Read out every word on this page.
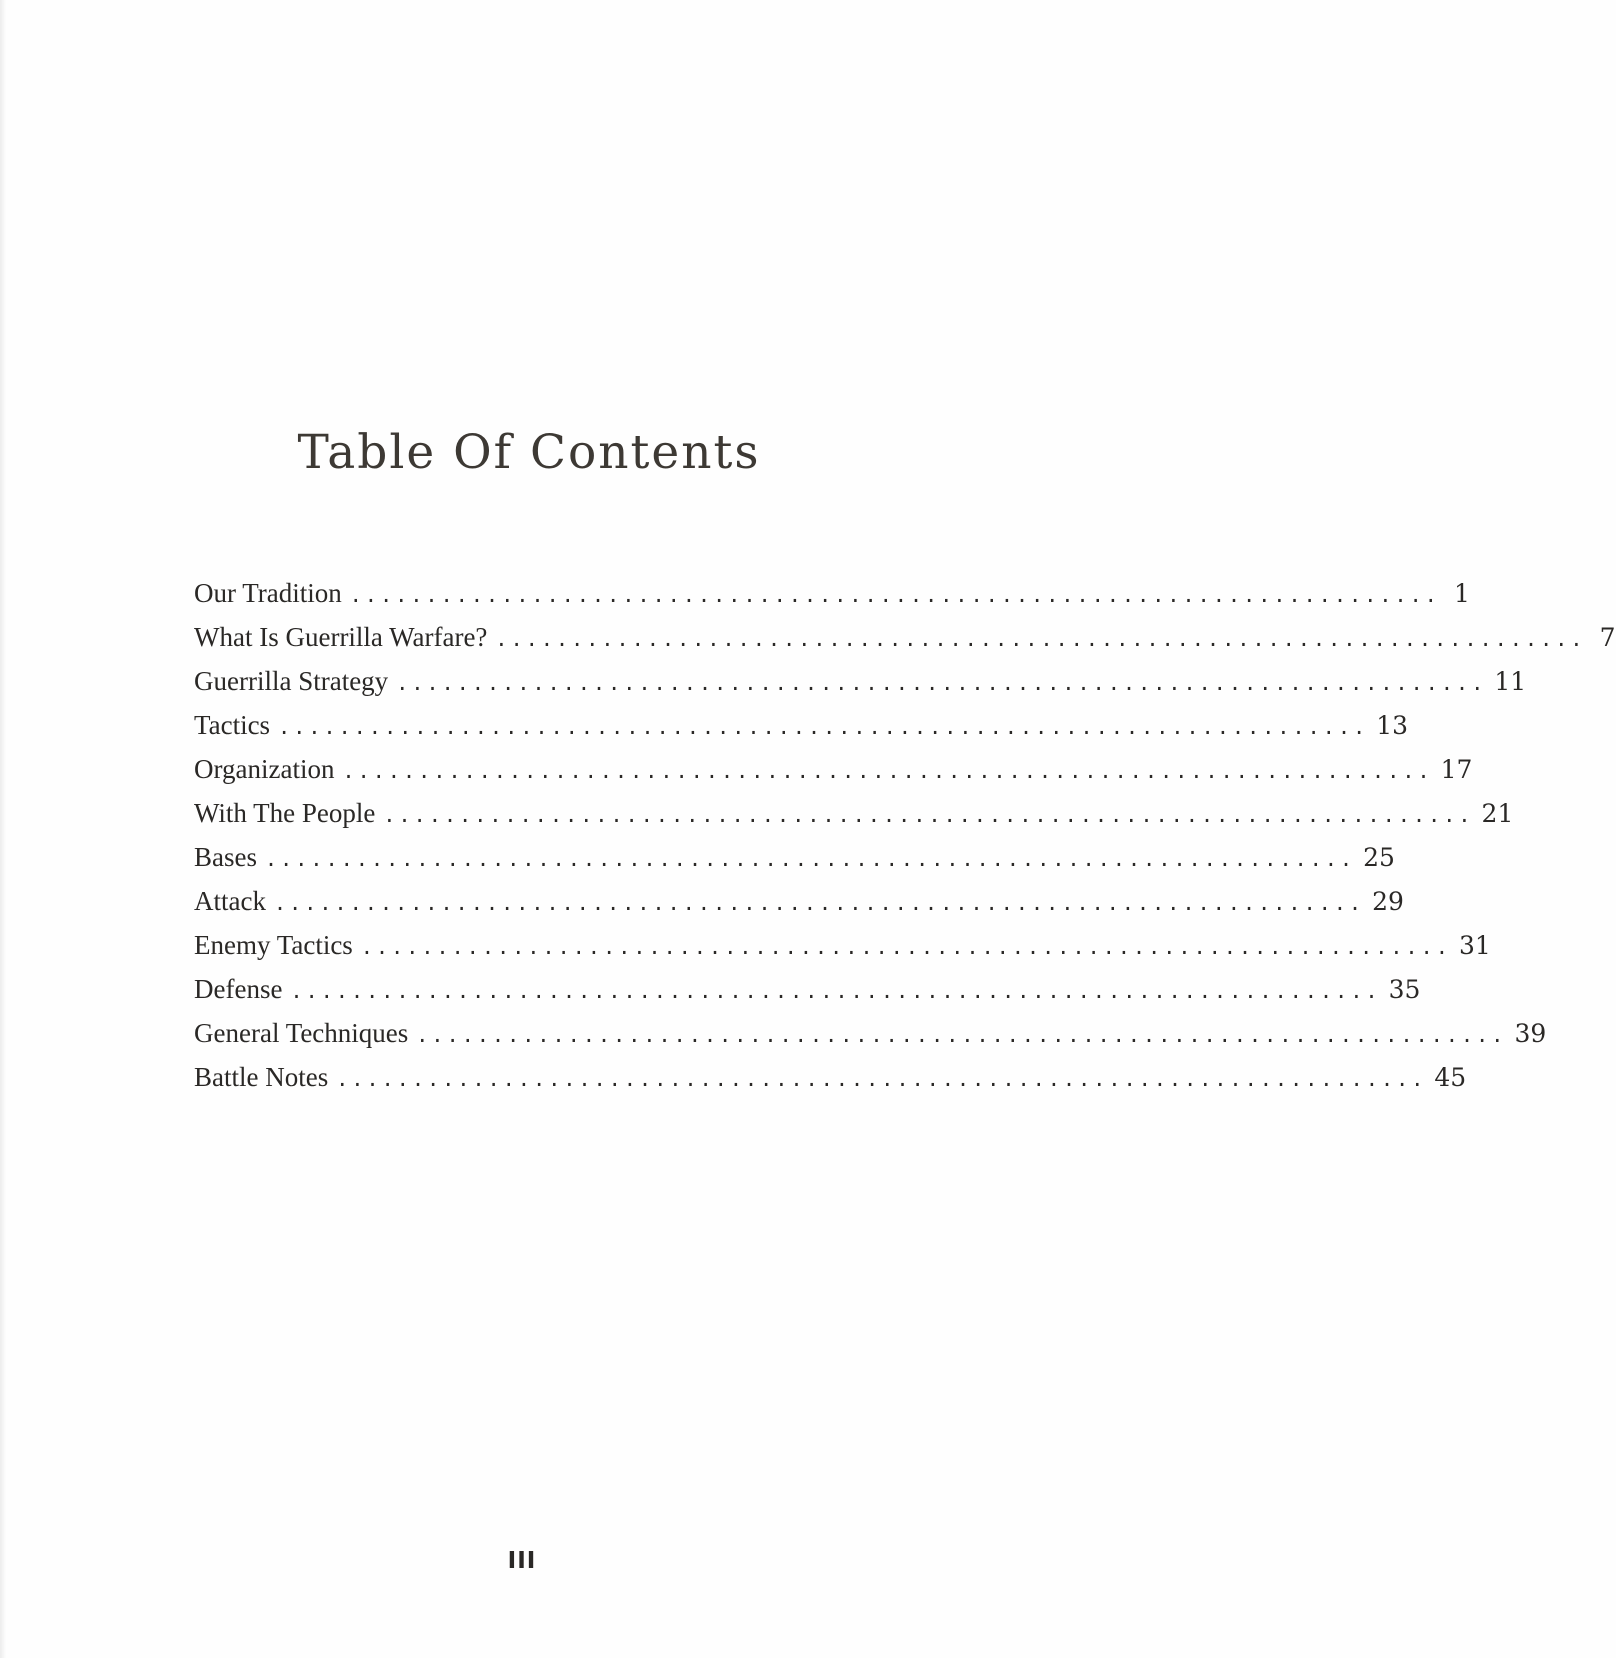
Table Of Contents
Our Tradition ........................................................................ 1
What Is Guerrilla Warfare? ........................................................................ 7
Guerrilla Strategy ........................................................................ 11
Tactics ........................................................................ 13
Organization ........................................................................ 17
With The People ........................................................................ 21
Bases ........................................................................ 25
Attack ........................................................................ 29
Enemy Tactics ........................................................................ 31
Defense ........................................................................ 35
General Techniques ........................................................................ 39
Battle Notes ........................................................................ 45
III
